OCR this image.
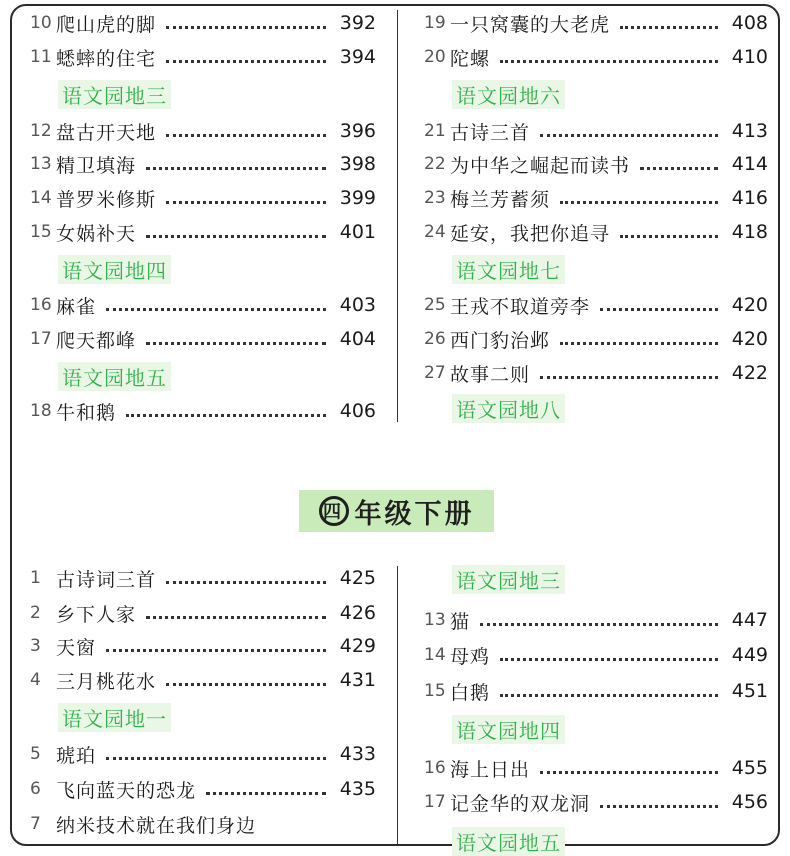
10 爬山虎的脚	392
11 蟋蟀的住宅	394
语文园地三
12 盘古开天地	396
13 精卫填海	398
14 普罗米修斯	399
15 女娲补天	401
语文园地四
16 麻雀	403
17 爬天都峰	404
语文园地五
18 牛和鹅	406
19 一只窝囊的大老虎	408
20 陀螺	410
语文园地六
21 古诗三首	413
22 为中华之崛起而读书	414
23 梅兰芳蓄须	416
24 延安，我把你追寻	418
语文园地七
25 王戎不取道旁李	420
26 西门豹治邺	420
27 故事二则	422
语文园地八
四 年级下册
1 古诗词三首	425
2 乡下人家	426
3 天窗	429
4 三月桃花水	431
语文园地一
5 琥珀	433
6 飞向蓝天的恐龙	435
7 纳米技术就在我们身边
语文园地三
13 猫	447
14 母鸡	449
15 白鹅	451
语文园地四
16 海上日出	455
17 记金华的双龙洞	456
语文园地五
